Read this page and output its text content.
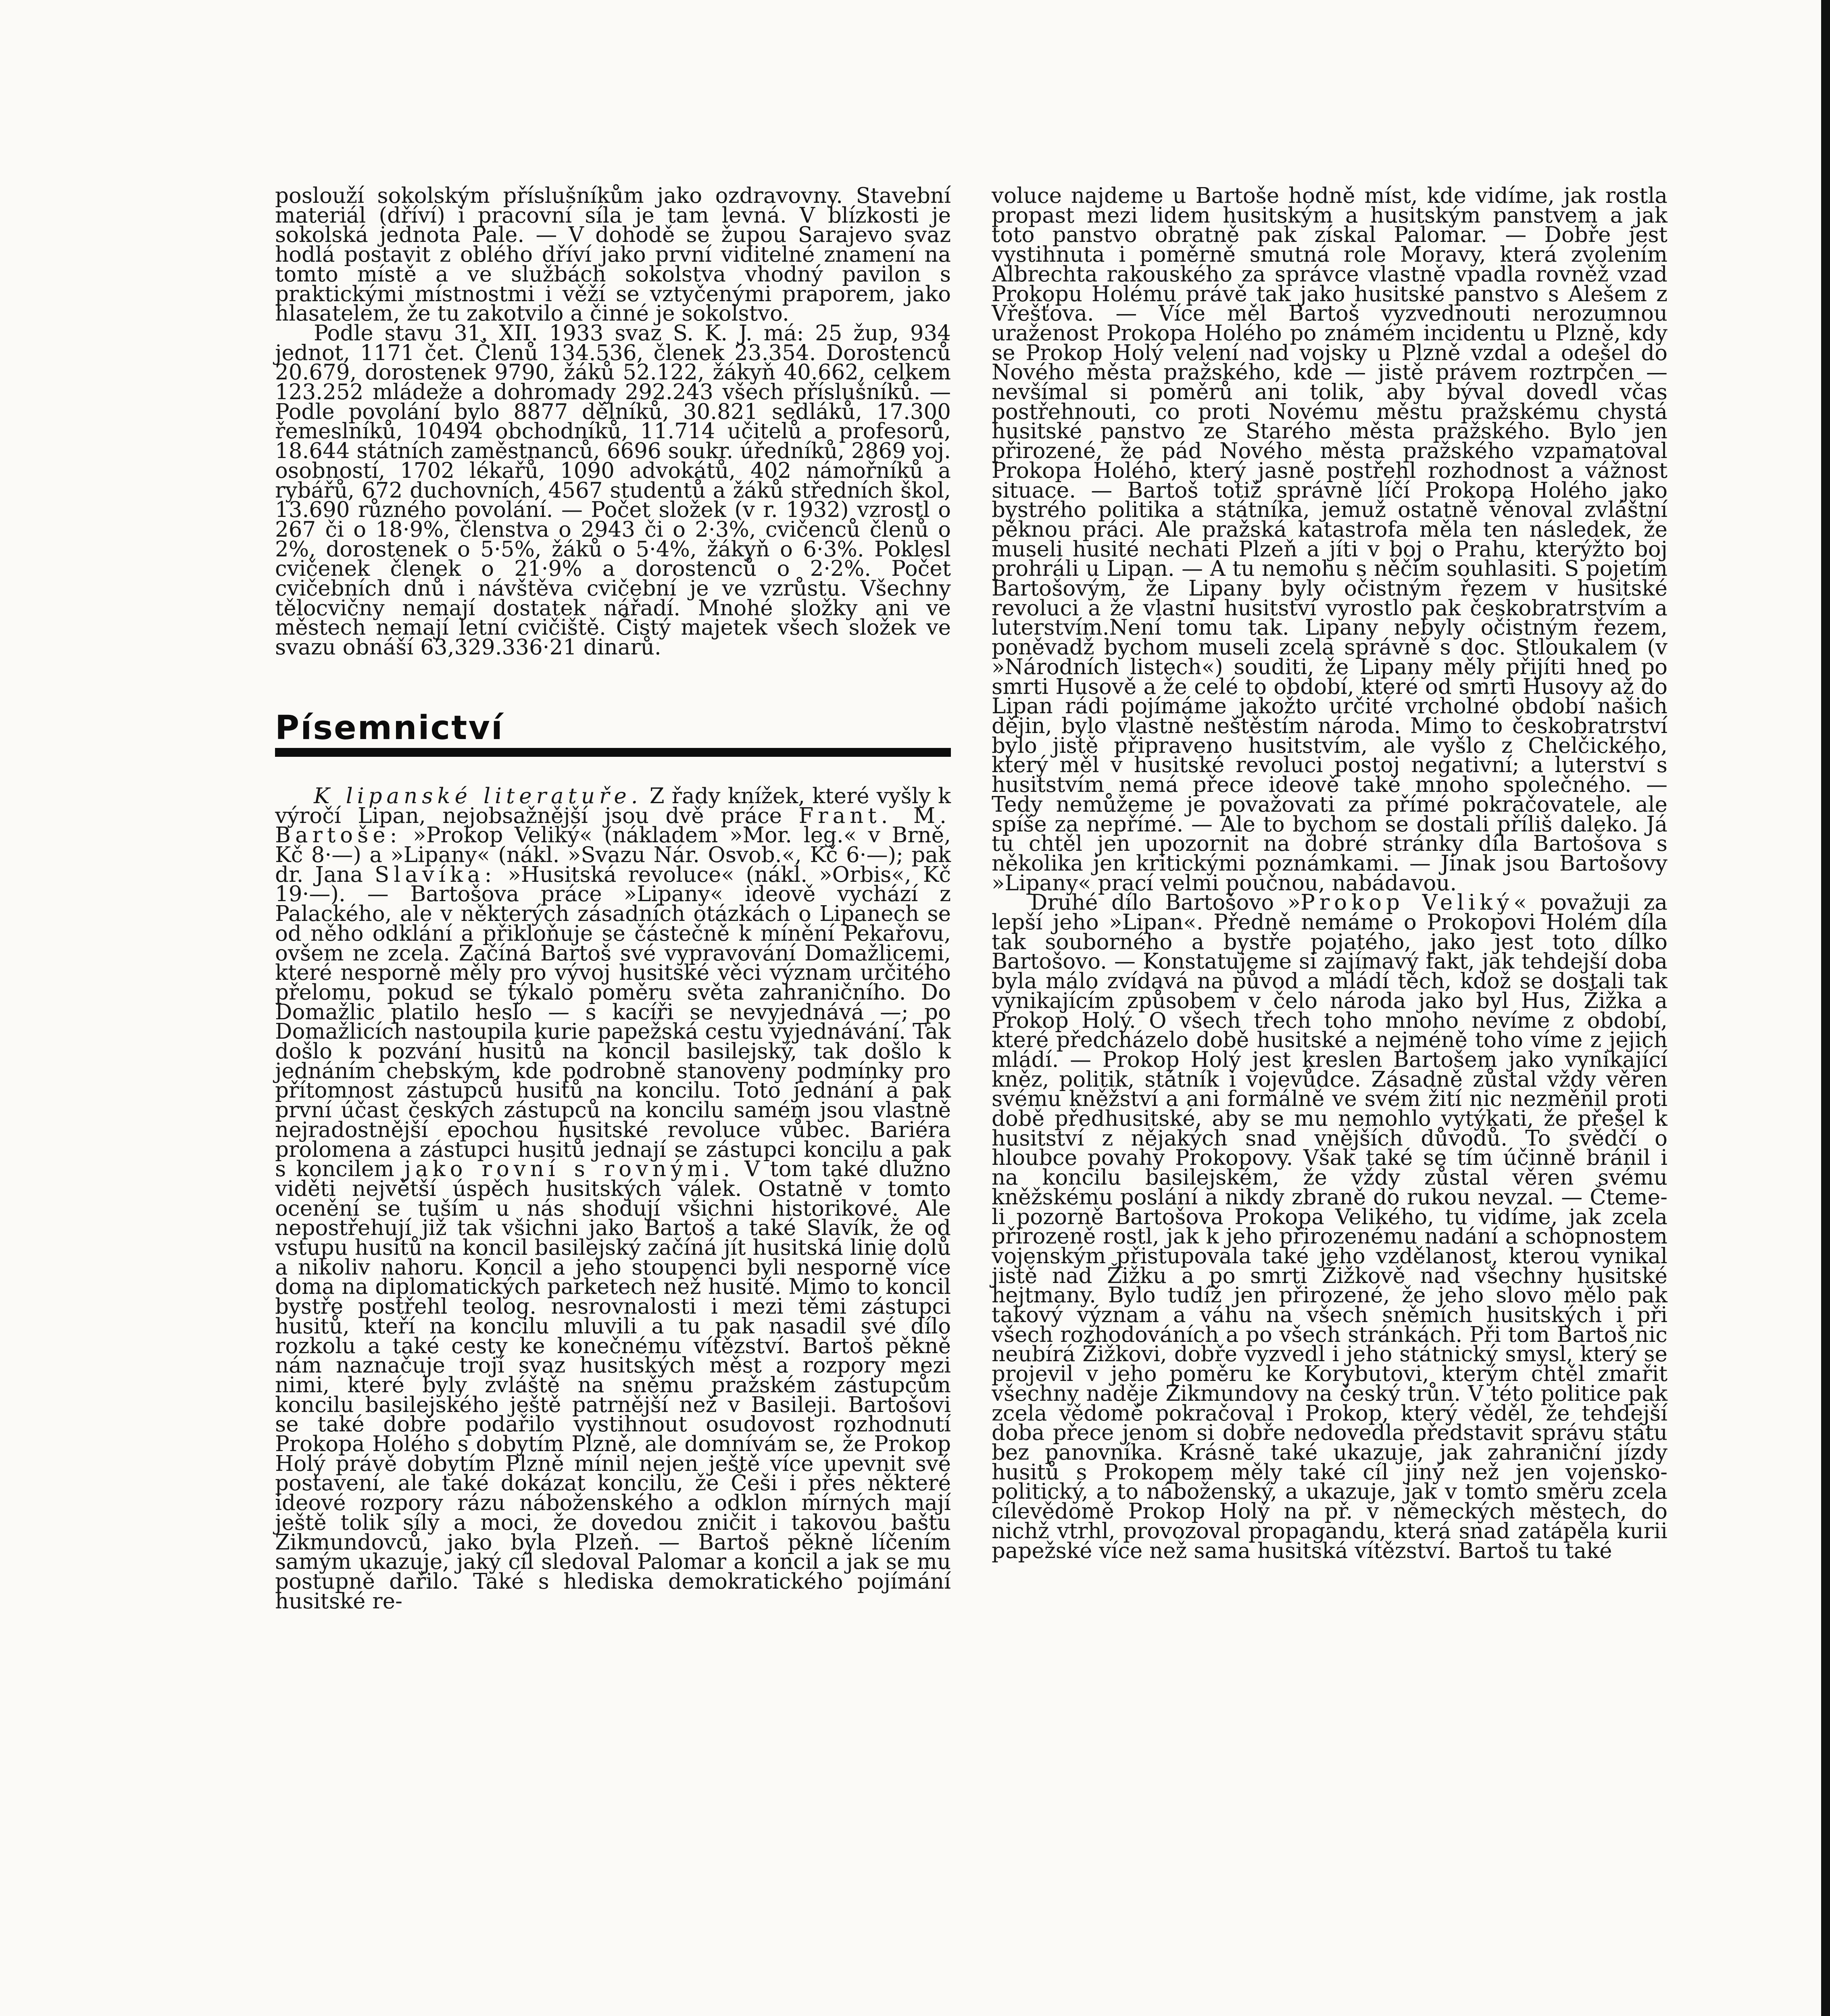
poslouží sokolským příslušníkům jako ozdravovny. Stavební materiál (dříví) i pracovní síla je tam levná. V blízkosti je sokolská jednota Pale. — V dohodě se župou Sarajevo svaz hodlá postavit z oblého dříví jako první viditelné znamení na tomto místě a ve službách sokolstva vhodný pavilon s praktickými místnostmi i věží se vztyčenými praporem, jako hlasatelem, že tu zakotvilo a činné je sokolstvo.

Podle stavu 31. XII. 1933 svaz S. K. J. má: 25 žup, 934 jednot, 1171 čet. Členů 134.536, členek 23.354. Dorostenců 20.679, dorostenek 9790, žáků 52.122, žákyň 40.662, celkem 123.252 mládeže a dohromady 292.243 všech příslušníků. — Podle povolání bylo 8877 dělníků, 30.821 sedláků, 17.300 řemeslníků, 10494 obchodníků, 11.714 učitelů a profesorů, 18.644 státních zaměstnanců, 6696 soukr. úředníků, 2869 voj. osobností, 1702 lékařů, 1090 advokátů, 402 námořníků a rybářů, 672 duchovních, 4567 studentů a žáků středních škol, 13.690 různého povolání. — Počet složek (v r. 1932) vzrostl o 267 či o 18·9%, členstva o 2943 či o 2·3%, cvičenců členů o 2%, dorostenek o 5·5%, žáků o 5·4%, žákyň o 6·3%. Poklesl cvičenek členek o 21·9% a dorostenců o 2·2%. Počet cvičebních dnů i návštěva cvičební je ve vzrůstu. Všechny tělocvičny nemají dostatek nářadí. Mnohé složky ani ve městech nemají letní cvičiště. Čistý majetek všech složek ve svazu obnáší 63,329.336·21 dinarů.

Písemnictví

K lipanské literatuře. Z řady knížek, které vyšly k výročí Lipan, nejobsažnější jsou dvě práce Frant. M. Bartoše: »Prokop Veliký« (nákladem »Mor. leg.« v Brně, Kč 8·—) a »Lipany« (nákl. »Svazu Nár. Osvob.«, Kč 6·—); pak dr. Jana Slavíka: »Husitská revoluce« (nákl. »Orbis«, Kč 19·—). — Bartošova práce »Lipany« ideově vychází z Palackého, ale v některých zásadních otázkách o Lipanech se od něho odklání a přikloňuje se částečně k mínění Pekařovu, ovšem ne zcela. Začíná Bartoš své vypravování Domažlicemi, které nesporně měly pro vývoj husitské věci význam určitého přelomu, pokud se týkalo poměru světa zahraničního. Do Domažlic platilo heslo — s kacíři se nevyjednává —; po Domažlicích nastoupila kurie papežská cestu vyjednávání. Tak došlo k pozvání husitů na koncil basilejský, tak došlo k jednáním chebským, kde podrobně stanoveny podmínky pro přítomnost zástupců husitů na koncilu. Toto jednání a pak první účast českých zástupců na koncilu samém jsou vlastně nejradostnější epochou husitské revoluce vůbec. Bariéra prolomena a zástupci husitů jednají se zástupci koncilu a pak s koncilem jako rovní s rovnými. V tom také dlužno viděti největší úspěch husitských válek. Ostatně v tomto ocenění se tuším u nás shodují všichni historikové. Ale nepostřehují již tak všichni jako Bartoš a také Slavík, že od vstupu husitů na koncil basilejský začíná jít husitská linie dolů a nikoliv nahoru. Koncil a jeho stoupenci byli nesporně více doma na diplomatických parketech než husité. Mimo to koncil bystře postřehl teolog. nesrovnalosti i mezi těmi zástupci husitů, kteří na koncilu mluvili a tu pak nasadil své dílo rozkolu a také cesty ke konečnému vítězství. Bartoš pěkně nám naznačuje trojí svaz husitských měst a rozpory mezi nimi, které byly zvláště na sněmu pražském zástupcům koncilu basilejského ještě patrnější než v Basileji. Bartošovi se také dobře podařilo vystihnout osudovost rozhodnutí Prokopa Holého s dobytím Plzně, ale domnívám se, že Prokop Holý právě dobytím Plzně mínil nejen ještě více upevnit své postavení, ale také dokázat koncilu, že Češi i přes některé ideové rozpory rázu náboženského a odklon mírných mají ještě tolik síly a moci, že dovedou zničit i takovou baštu Zikmundovců, jako byla Plzeň. — Bartoš pěkně líčením samým ukazuje, jaký cíl sledoval Palomar a koncil a jak se mu postupně dařilo. Také s hlediska demokratického pojímání husitské re-

voluce najdeme u Bartoše hodně míst, kde vidíme, jak rostla propast mezi lidem husitským a husitským panstvem a jak toto panstvo obratně pak získal Palomar. — Dobře jest vystihnuta i poměrně smutná role Moravy, která zvolením Albrechta rakouského za správce vlastně vpadla rovněž vzad Prokopu Holému právě tak jako husitské panstvo s Alešem z Vřešťova. — Více měl Bartoš vyzvednouti nerozumnou uraženost Prokopa Holého po známém incidentu u Plzně, kdy se Prokop Holý velení nad vojsky u Plzně vzdal a odešel do Nového města pražského, kde — jistě právem roztrpčen — nevšímal si poměrů ani tolik, aby býval dovedl včas postřehnouti, co proti Novému městu pražskému chystá husitské panstvo ze Starého města pražského. Bylo jen přirozené, že pád Nového města pražského vzpamatoval Prokopa Holého, který jasně postřehl rozhodnost a vážnost situace. — Bartoš totiž správně líčí Prokopa Holého jako bystrého politika a státníka, jemuž ostatně věnoval zvláštní pěknou práci. Ale pražská katastrofa měla ten následek, že museli husité nechati Plzeň a jíti v boj o Prahu, kterýžto boj prohráli u Lipan. — A tu nemohu s něčím souhlasiti. S pojetím Bartošovým, že Lipany byly očistným řezem v husitské revoluci a že vlastní husitství vyrostlo pak českobratrstvím a luterstvím.Není tomu tak. Lipany nebyly očistným řezem, poněvadž bychom museli zcela správně s doc. Stloukalem (v »Národních listech«) souditi, že Lipany měly přijíti hned po smrti Husově a že celé to období, které od smrti Husovy až do Lipan rádi pojímáme jakožto určité vrcholné období našich dějin, bylo vlastně neštěstím národa. Mimo to českobratrství bylo jistě připraveno husitstvím, ale vyšlo z Chelčického, který měl v husitské revoluci postoj negativní; a luterství s husitstvím nemá přece ideově také mnoho společného. — Tedy nemůžeme je považovati za přímé pokračovatele, ale spíše za nepřímé. — Ale to bychom se dostali příliš daleko. Já tu chtěl jen upozornit na dobré stránky díla Bartošova s několika jen kritickými poznámkami. — Jinak jsou Bartošovy »Lipany« prací velmi poučnou, nabádavou.

Druhé dílo Bartošovo »Prokop Veliký« považuji za lepší jeho »Lipan«. Předně nemáme o Prokopovi Holém díla tak souborného a bystře pojatého, jako jest toto dílko Bartošovo. — Konstatujeme si zajímavý fakt, jak tehdejší doba byla málo zvídavá na původ a mládí těch, kdož se dostali tak vynikajícím způsobem v čelo národa jako byl Hus, Žižka a Prokop Holý. O všech třech toho mnoho nevíme z období, které předcházelo době husitské a nejméně toho víme z jejich mládí. — Prokop Holý jest kreslen Bartošem jako vynikající kněz, politik, státník i vojevůdce. Zásadně zůstal vždy věren svému kněžství a ani formálně ve svém žití nic nezměnil proti době předhusitské, aby se mu nemohlo vytýkati, že přešel k husitství z nějakých snad vnějších důvodů. To svědčí o hloubce povahy Prokopovy. Však také se tím účinně bránil i na koncilu basilejském, že vždy zůstal věren svému kněžskému poslání a nikdy zbraně do rukou nevzal. — Čteme-li pozorně Bartošova Prokopa Velikého, tu vidíme, jak zcela přirozeně rostl, jak k jeho přirozenému nadání a schopnostem vojenským přistupovala také jeho vzdělanost, kterou vynikal jistě nad Žižku a po smrti Žižkově nad všechny husitské hejtmany. Bylo tudíž jen přirozené, že jeho slovo mělo pak takový význam a váhu na všech sněmích husitských i při všech rozhodováních a po všech stránkách. Při tom Bartoš nic neubírá Žižkovi, dobře vyzvedl i jeho státnický smysl, který se projevil v jeho poměru ke Korybutovi, kterým chtěl zmařit všechny naděje Zikmundovy na český trůn. V této politice pak zcela vědomě pokračoval i Prokop, který věděl, že tehdejší doba přece jenom si dobře nedovedla představit správu státu bez panovníka. Krásně také ukazuje, jak zahraniční jízdy husitů s Prokopem měly také cíl jiný než jen vojensko-politický, a to náboženský, a ukazuje, jak v tomto směru zcela cílevědomě Prokop Holý na př. v německých městech, do nichž vtrhl, provozoval propagandu, která snad zatápěla kurii papežské více než sama husitská vítězství. Bartoš tu také
